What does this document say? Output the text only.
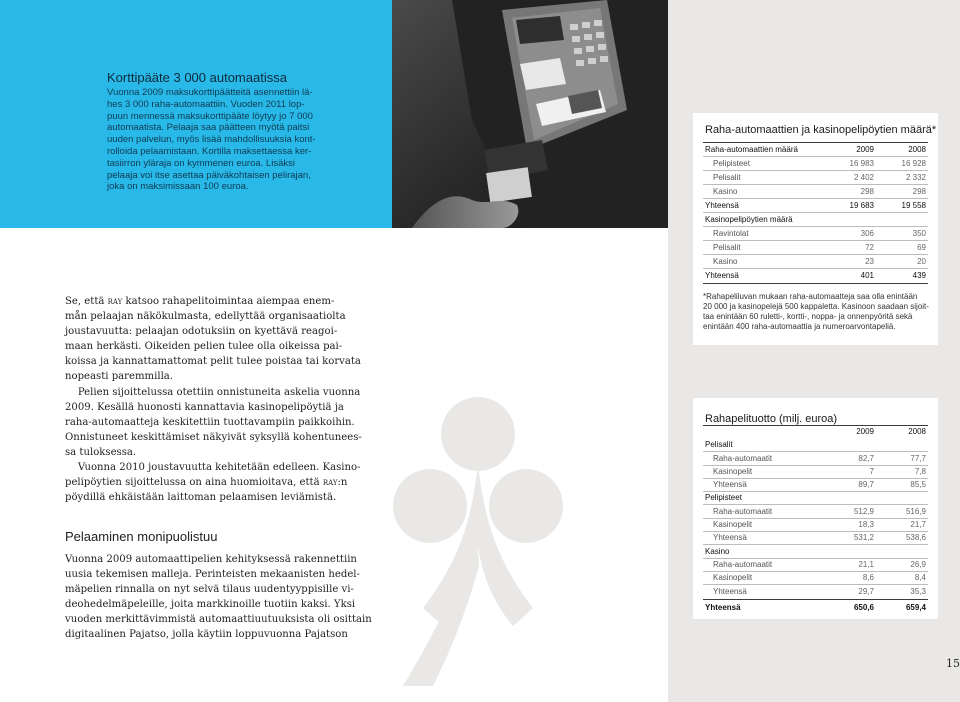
Korttipääte 3 000 automaatissa
Vuonna 2009 maksukorttipäätteitä asennettiin lä-
hes 3 000 raha-automaattiin. Vuoden 2011 lop-
puun mennessä maksukorttipääte löytyy jo 7 000
automaatista. Pelaaja saa päätteen myötä paitsi
uuden palvelun, myös lisää mahdollisuuksia kont-
rolloida pelaamistaan. Kortilla maksettaessa ker-
tasiirron yläraja on kymmenen euroa. Lisäksi
pelaaja voi itse asettaa päiväkohtaisen pelirajan,
joka on maksimissaan 100 euroa.
Raha-automaattien ja kasinopelipöytien määrä*
Raha-automaattien määrä	2009	2008
Pelipisteet	16 983	16 928
Pelisalit	2 402	2 332
Kasino	298	298
Yhteensä	19 683	19 558
Kasinopelipöytien määrä
Ravintolat	306	350
Pelisalit	72	69
Kasino	23	20
Yhteensä	401	439
*Rahapeliluvan mukaan raha-automaatteja saa olla enintään
20 000 ja kasinopelejä 500 kappaletta. Kasinoon saadaan sijoit-
taa enintään 60 ruletti-, kortti-, noppa- ja onnenpyöritä sekä
enintään 400 raha-automaattia ja numeroarvontapeliä.
Rahapelituotto (milj. euroa)
2009	2008
Pelisalit
Raha-automaatit	82,7	77,7
Kasinopelit	7	7,8
Yhteensä	89,7	85,5
Pelipisteet
Raha-automaatit	512,9	516,9
Kasinopelit	18,3	21,7
Yhteensä	531,2	538,6
Kasino
Raha-automaatit	21,1	26,9
Kasinopelit	8,6	8,4
Yhteensä	29,7	35,3
Yhteensä	650,6	659,4
Se, että ray katsoo rahapelitoimintaa aiempaa enem-
mån pelaajan näkökulmasta, edellyttää organisaatiolta
joustavuutta: pelaajan odotuksiin on kyettävä reagoi-
maan herkästi. Oikeiden pelien tulee olla oikeissa pai-
koissa ja kannattamattomat pelit tulee poistaa tai korvata
nopeasti paremmilla.
Pelien sijoittelussa otettiin onnistuneita askelia vuonna
2009. Kesällä huonosti kannattavia kasinopelipöytiä ja
raha-automaatteja keskitettiin tuottavampiin paikkoihin.
Onnistuneet keskittämiset näkyivät syksyllä kohentunees-
sa tuloksessa.
Vuonna 2010 joustavuutta kehitetään edelleen. Kasino-
pelipöytien sijoittelussa on aina huomioitava, että ray:n
pöydillä ehkäistään laittoman pelaamisen leviämistä.
Pelaaminen monipuolistuu
Vuonna 2009 automaattipelien kehityksessä rakennettiin
uusia tekemisen malleja. Perinteisten mekaanisten hedel-
mäpelien rinnalla on nyt selvä tilaus uudentyyppisille vi-
deohedelmäpeleille, joita markkinoille tuotiin kaksi. Yksi
vuoden merkittävimmistä automaattiuutuuksista oli osittain
digitaalinen Pajatso, jolla käytiin loppuvuonna Pajatson
15
